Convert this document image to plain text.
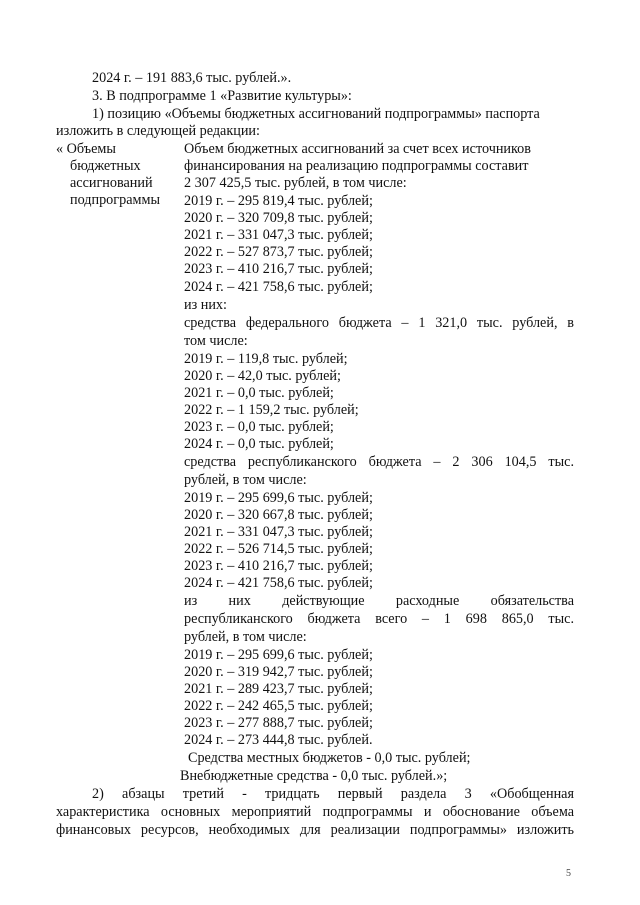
2024 г. – 191 883,6 тыс. рублей.».
3. В подпрограмме 1 «Развитие культуры»:
1) позицию «Объемы бюджетных ассигнований подпрограммы» паспорта
изложить в следующей редакции:
« Объемы
бюджетных
ассигнований
подпрограммы
Объем бюджетных ассигнований за счет всех источников
финансирования на реализацию подпрограммы составит
2 307 425,5 тыс. рублей, в том числе:
2019 г. – 295 819,4 тыс. рублей;
2020 г. – 320 709,8 тыс. рублей;
2021 г. – 331 047,3 тыс. рублей;
2022 г. – 527 873,7 тыс. рублей;
2023 г. – 410 216,7 тыс. рублей;
2024 г. – 421 758,6 тыс. рублей;
из них:
средства федерального бюджета – 1 321,0 тыс. рублей, в
том числе:
2019 г. – 119,8 тыс. рублей;
2020 г. – 42,0 тыс. рублей;
2021 г. – 0,0 тыс. рублей;
2022 г. – 1 159,2 тыс. рублей;
2023 г. – 0,0 тыс. рублей;
2024 г. – 0,0 тыс. рублей;
средства республиканского бюджета – 2 306 104,5 тыс.
рублей, в том числе:
2019 г. – 295 699,6 тыс. рублей;
2020 г. – 320 667,8 тыс. рублей;
2021 г. – 331 047,3 тыс. рублей;
2022 г. – 526 714,5 тыс. рублей;
2023 г. – 410 216,7 тыс. рублей;
2024 г. – 421 758,6 тыс. рублей;
из них действующие расходные обязательства
республиканского бюджета всего – 1 698 865,0 тыс.
рублей, в том числе:
2019 г. – 295 699,6 тыс. рублей;
2020 г. – 319 942,7 тыс. рублей;
2021 г. – 289 423,7 тыс. рублей;
2022 г. – 242 465,5 тыс. рублей;
2023 г. – 277 888,7 тыс. рублей;
2024 г. – 273 444,8 тыс. рублей.
Средства местных бюджетов - 0,0 тыс. рублей;
Внебюджетные средства - 0,0 тыс. рублей.»;
2) абзацы третий - тридцать первый раздела 3 «Обобщенная
характеристика основных мероприятий подпрограммы и обоснование объема
финансовых ресурсов, необходимых для реализации подпрограммы» изложить
5
